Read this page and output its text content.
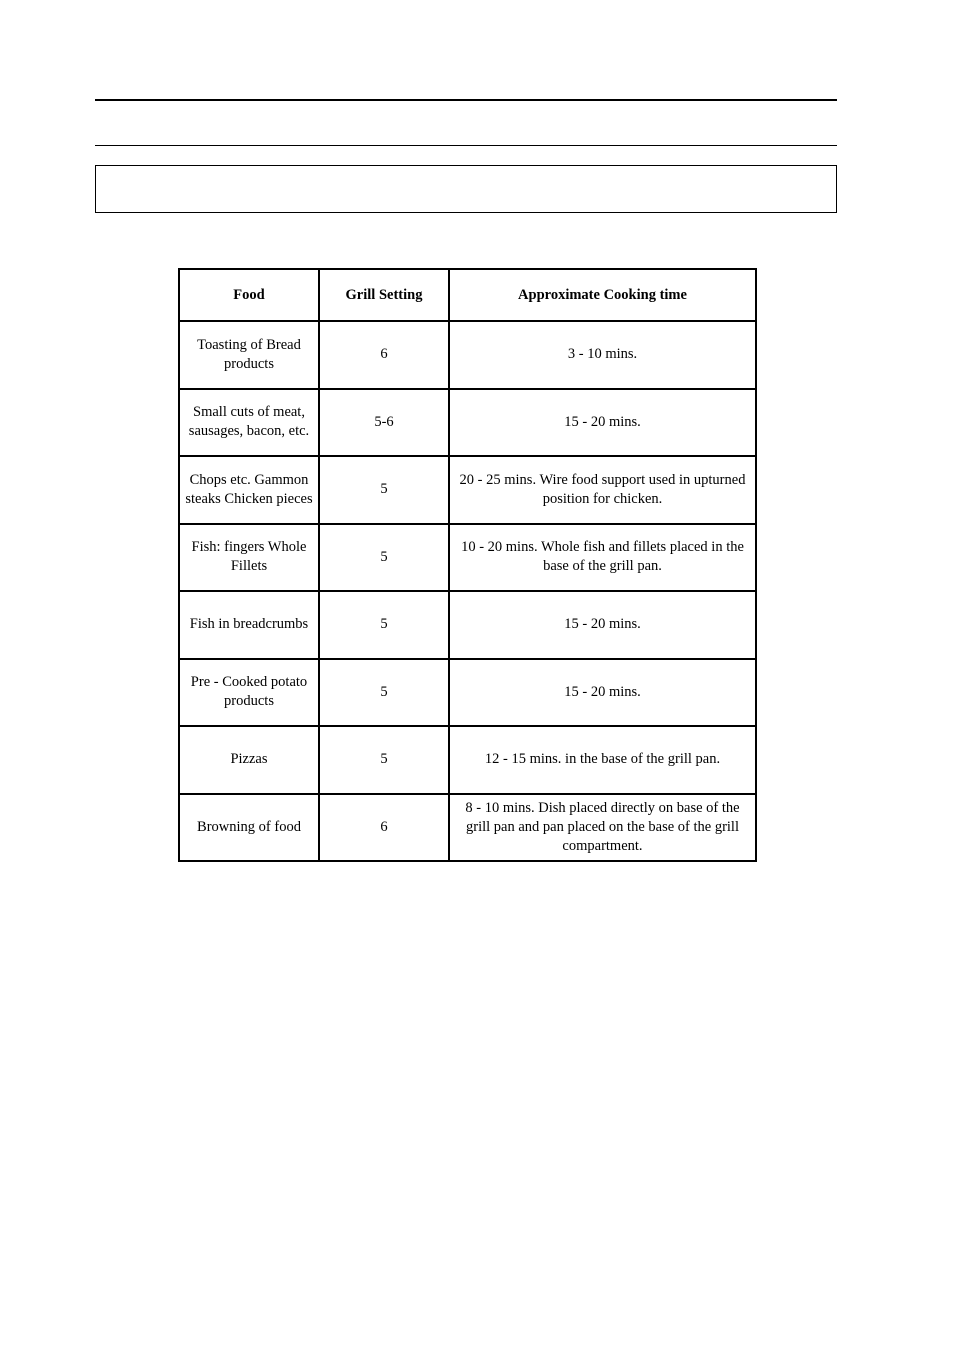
Food	Grill Setting	Approximate Cooking time
Toasting of Bread products	6	3 - 10 mins.
Small cuts of meat, sausages, bacon, etc.	5-6	15 - 20 mins.
Chops etc. Gammon steaks Chicken pieces	5	20 - 25 mins. Wire food support used in upturned position for chicken.
Fish: fingers Whole Fillets	5	10 - 20 mins. Whole fish and fillets placed in the base of the grill pan.
Fish in breadcrumbs	5	15 - 20 mins.
Pre - Cooked potato products	5	15 - 20 mins.
Pizzas	5	12 - 15 mins. in the base of the grill pan.
Browning of food	6	8 - 10 mins. Dish placed directly on base of the grill pan and pan placed on the base of the grill compartment.
